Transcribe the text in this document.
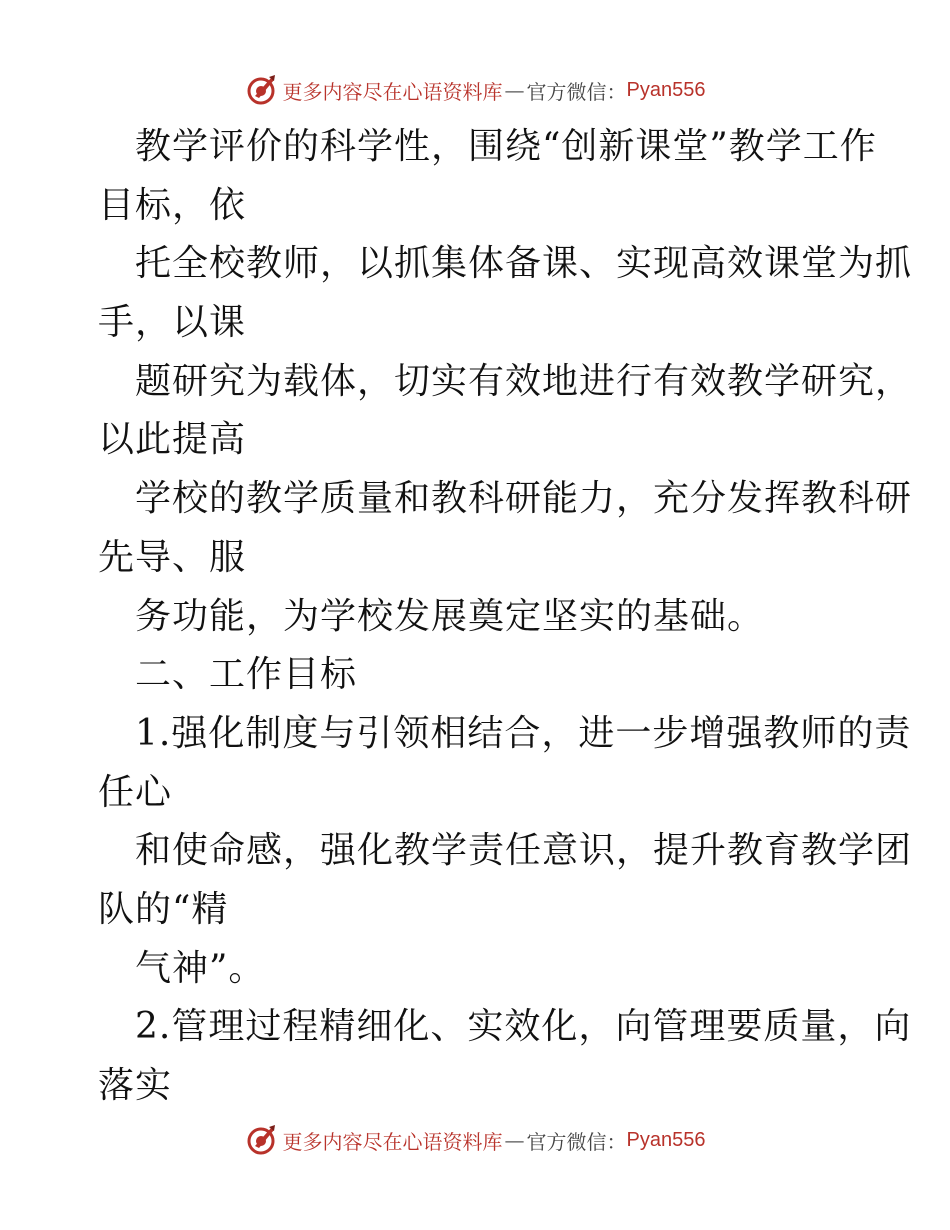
更多内容尽在心语资料库 — 官方微信： Pyan556
教学评价的科学性，围绕“创新课堂”教学工作
目标，依
托全校教师，以抓集体备课、实现高效课堂为抓
手，以课
题研究为载体，切实有效地进行有效教学研究，
以此提高
学校的教学质量和教科研能力，充分发挥教科研
先导、服
务功能，为学校发展奠定坚实的基础。
二、工作目标
1.强化制度与引领相结合，进一步增强教师的责
任心
和使命感，强化教学责任意识，提升教育教学团
队的“精
气神”。
2.管理过程精细化、实效化，向管理要质量，向
落实
更多内容尽在心语资料库 — 官方微信： Pyan556
